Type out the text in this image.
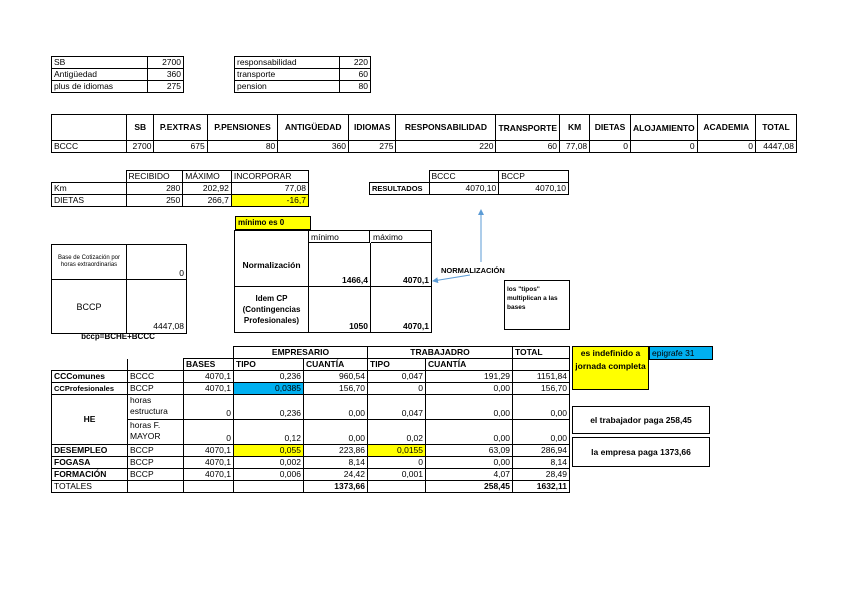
SB	2700
Antigüedad	360
plus de idiomas	275
responsabilidad	220
transporte	60
pension	80
	SB	P.EXTRAS	P.PENSIONES	ANTIGÜEDAD	IDIOMAS	RESPONSABILIDAD	TRANSPORTE	KM	DIETAS	ALOJAMIENTO	ACADEMIA	TOTAL
BCCC	2700	675	80	360	275	220	60	77,08	0	0	0	4447,08
	RECIBIDO	MÁXIMO	INCORPORAR
Km	280	202,92	77,08
DIETAS	250	266,7	-16,7
mínimo es 0
	BCCC	BCCP
RESULTADOS	4070,10	4070,10
Base de Cotización por horas extraordinarias
0
BCCP
4447,08
bccp=BCHE+BCCC
mínimo	máximo
Normalización
1466,4	4070,1
Idem CP (Contingencias Profesionales)
1050	4070,1
NORMALIZACIÓN
los "tipos" multiplican a las bases
			EMPRESARIO		TRABAJADRO		TOTAL
		BASES	TIPO	CUANTÍA	TIPO	CUANTÍA	
CCComunes	BCCC	4070,1	0,236	960,54	0,047	191,29	1151,84
CCProfesionales	BCCP	4070,1	0,0385	156,70	0	0,00	156,70
HE	horas estructura	0	0,236	0,00	0,047	0,00	0,00
	horas F. MAYOR	0	0,12	0,00	0,02	0,00	0,00
DESEMPLEO	BCCP	4070,1	0,055	223,86	0,0155	63,09	286,94
FOGASA	BCCP	4070,1	0,002	8,14	0	0,00	8,14
FORMACIÓN	BCCP	4070,1	0,006	24,42	0,001	4,07	28,49
TOTALES				1373,66		258,45	1632,11
es indefinido a jornada completa
epigrafe 31
el trabajador paga 258,45
la empresa paga 1373,66
